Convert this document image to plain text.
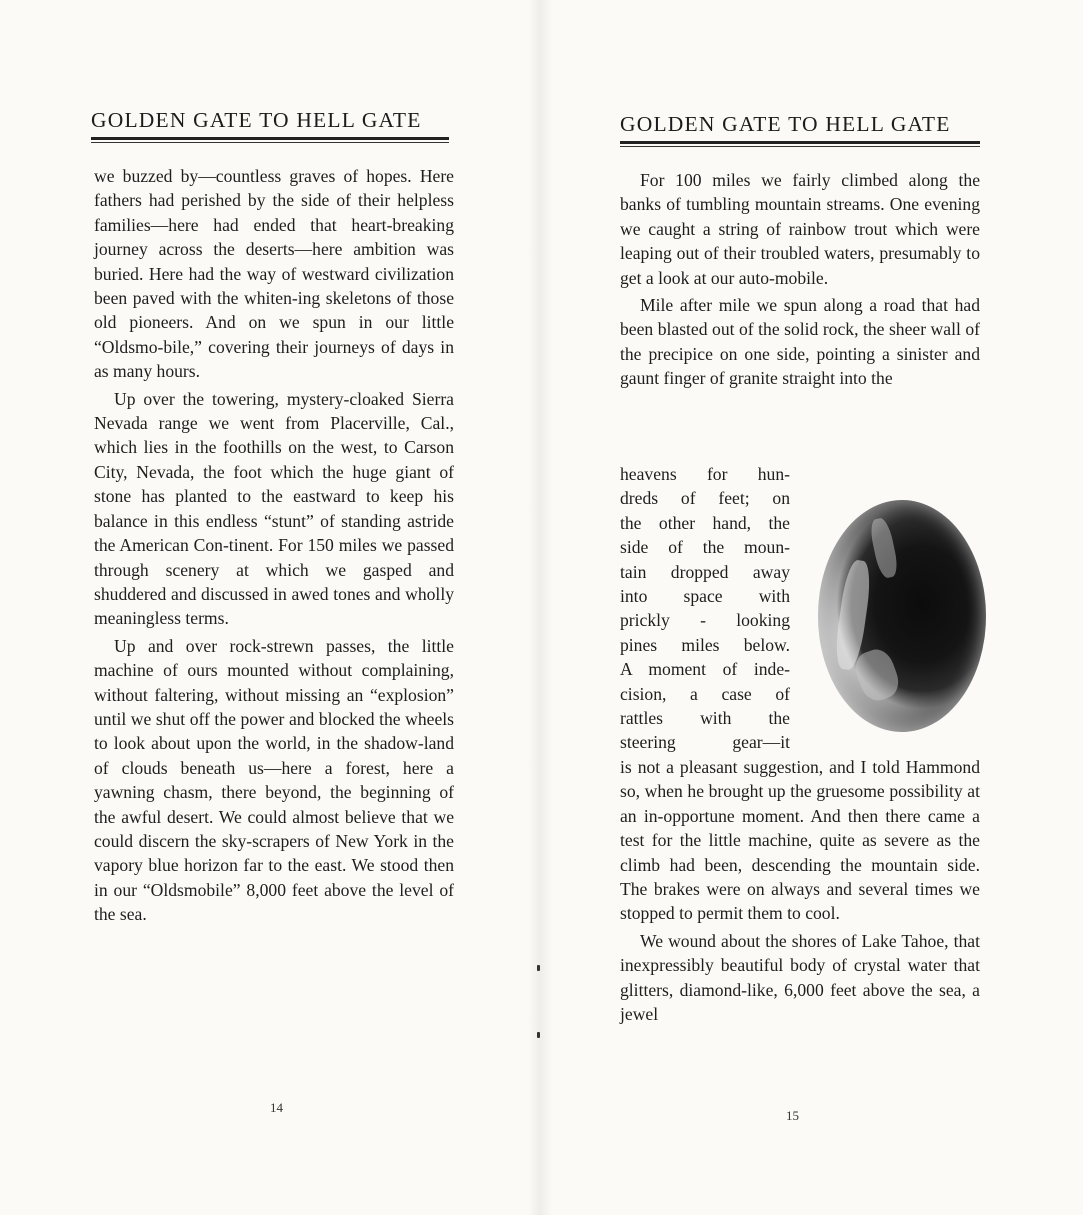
GOLDEN GATE TO HELL GATE

we buzzed by—countless graves of hopes. Here fathers had perished by the side of their helpless families—here had ended that heart-breaking journey across the deserts—here ambition was buried. Here had the way of westward civilization been paved with the whiten-ing skeletons of those old pioneers. And on we spun in our little “Oldsmo-bile,” covering their journeys of days in as many hours.

Up over the towering, mystery-cloaked Sierra Nevada range we went from Placerville, Cal., which lies in the foothills on the west, to Carson City, Nevada, the foot which the huge giant of stone has planted to the eastward to keep his balance in this endless “stunt” of standing astride the American Con-tinent. For 150 miles we passed through scenery at which we gasped and shuddered and discussed in awed tones and wholly meaningless terms.

Up and over rock-strewn passes, the little machine of ours mounted without complaining, without faltering, without missing an “explosion” until we shut off the power and blocked the wheels to look about upon the world, in the shadow-land of clouds beneath us—here a forest, here a yawning chasm, there beyond, the beginning of the awful desert. We could almost believe that we could discern the sky-scrapers of New York in the vapory blue horizon far to the east. We stood then in our “Oldsmobile” 8,000 feet above the level of the sea.

14
GOLDEN GATE TO HELL GATE

For 100 miles we fairly climbed along the banks of tumbling mountain streams. One evening we caught a string of rainbow trout which were leaping out of their troubled waters, presumably to get a look at our auto-mobile.

Mile after mile we spun along a road that had been blasted out of the solid rock, the sheer wall of the precipice on one side, pointing a sinister and gaunt finger of granite straight into the

heavens for hun-
dreds of feet; on
the other hand, the
side of the moun-
tain dropped away
into space with
prickly - looking
pines miles below.
A moment of inde-
cision, a case of
rattles with the
steering gear—it

is not a pleasant suggestion, and I told Hammond so, when he brought up the gruesome possibility at an in-opportune moment. And then there came a test for the little machine, quite as severe as the climb had been, descending the mountain side. The brakes were on always and several times we stopped to permit them to cool.

We wound about the shores of Lake Tahoe, that inexpressibly beautiful body of crystal water that glitters, diamond-like, 6,000 feet above the sea, a jewel

15
